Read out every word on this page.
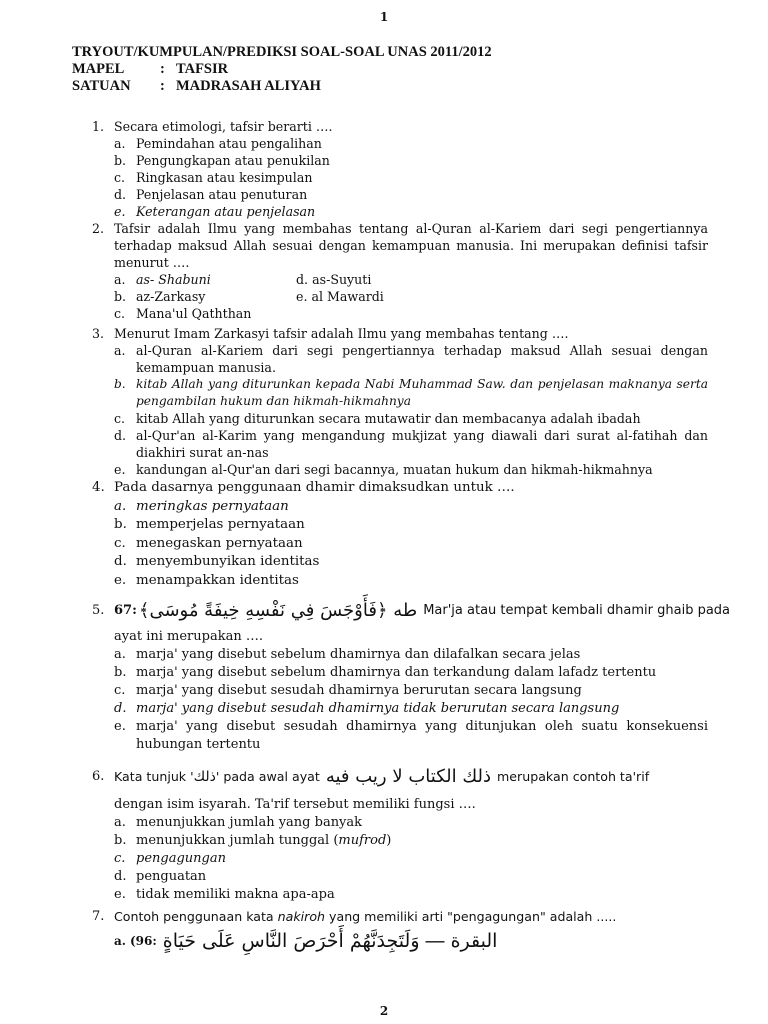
1
TRYOUT/KUMPULAN/PREDIKSI SOAL-SOAL UNAS 2011/2012
MAPEL	: TAFSIR
SATUAN	: MADRASAH ALIYAH
1. Secara etimologi, tafsir berarti ….
a. Pemindahan atau pengalihan
b. Pengungkapan atau penukilan
c. Ringkasan atau kesimpulan
d. Penjelasan atau penuturan
e. Keterangan atau penjelasan
2. Tafsir adalah Ilmu yang membahas tentang al-Quran al-Kariem dari segi pengertiannya terhadap maksud Allah sesuai dengan kemampuan manusia. Ini merupakan definisi tafsir menurut ….
a. as- Shabuni	d. as-Suyuti
b. az-Zarkasy	e. al Mawardi
c. Mana'ul Qaththan
3. Menurut Imam Zarkasyi tafsir adalah Ilmu yang membahas tentang ….
a. al-Quran al-Kariem dari segi pengertiannya terhadap maksud Allah sesuai dengan kemampuan manusia.
b. kitab Allah yang diturunkan kepada Nabi Muhammad Saw. dan penjelasan maknanya serta pengambilan hukum dan hikmah-hikmahnya
c. kitab Allah yang diturunkan secara mutawatir dan membacanya adalah ibadah
d. al-Qur'an al-Karim yang mengandung mukjizat yang diawali dari surat al-fatihah dan diakhiri surat an-nas
e. kandungan al-Qur'an dari segi bacannya, muatan hukum dan hikmah-hikmahnya
4. Pada dasarnya penggunaan dhamir dimaksudkan untuk ….
a. meringkas pernyataan
b. memperjelas pernyataan
c. menegaskan pernyataan
d. menyembunyikan identitas
e. menampakkan identitas
5. 67: طه ﴿فَأَوْجَسَ فِي نَفْسِهِ خِيفَةً مُوسَى﴾ Mar'ja atau tempat kembali dhamir ghaib pada
ayat ini merupakan ….
a. marja' yang disebut sebelum dhamirnya dan dilafalkan secara jelas
b. marja' yang disebut sebelum dhamirnya dan terkandung dalam lafadz tertentu
c. marja' yang disebut sesudah dhamirnya berurutan secara langsung
d. marja' yang disebut sesudah dhamirnya tidak berurutan secara langsung
e. marja' yang disebut sesudah dhamirnya yang ditunjukan oleh suatu konsekuensi hubungan tertentu
6. Kata tunjuk ' ذلك ' pada awal ayat ذلك الكتاب لا ريب فيه merupakan contoh ta'rif
dengan isim isyarah. Ta'rif tersebut memiliki fungsi ….
a. menunjukkan jumlah yang banyak
b. menunjukkan jumlah tunggal (mufrod)
c. pengagungan
d. penguatan
e. tidak memiliki makna apa-apa
7. Contoh penggunaan kata nakiroh yang memiliki arti "pengagungan" adalah .....
a. (96: البقرة ― وَلَتَجِدَنَّهُمْ أَحْرَصَ النَّاسِ عَلَى حَيَاةٍ
2
